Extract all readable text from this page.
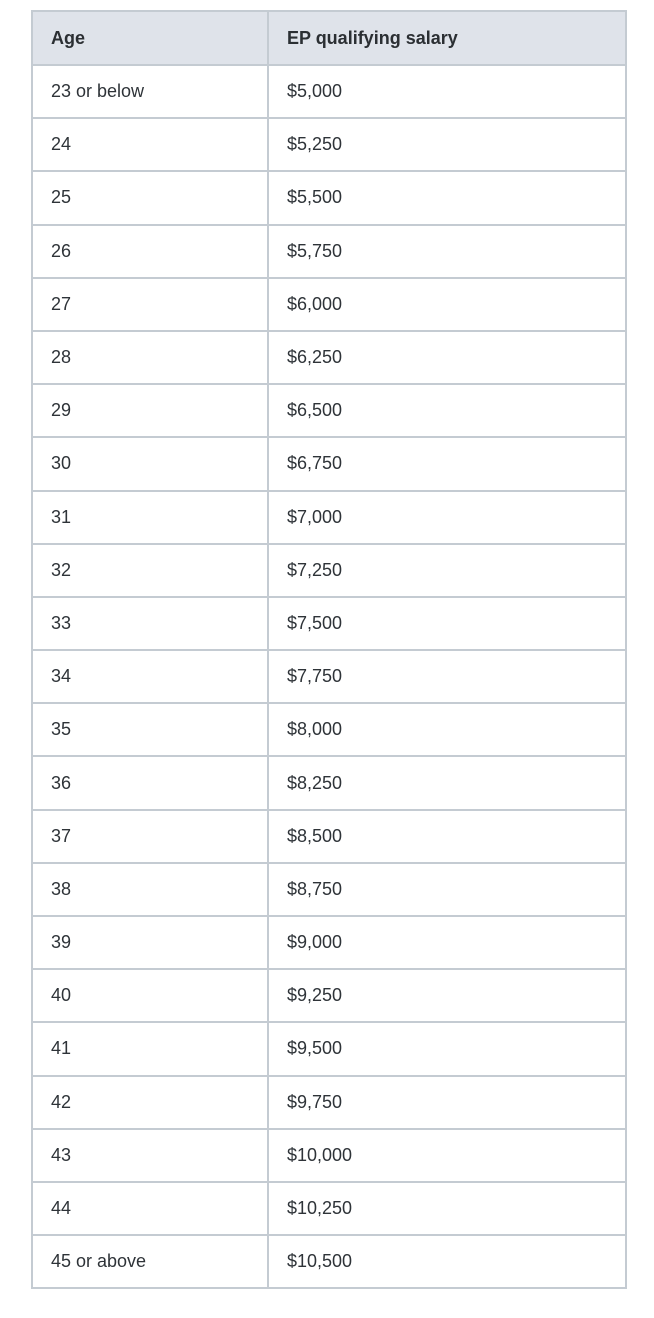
Age	EP qualifying salary
23 or below	$5,000
24	$5,250
25	$5,500
26	$5,750
27	$6,000
28	$6,250
29	$6,500
30	$6,750
31	$7,000
32	$7,250
33	$7,500
34	$7,750
35	$8,000
36	$8,250
37	$8,500
38	$8,750
39	$9,000
40	$9,250
41	$9,500
42	$9,750
43	$10,000
44	$10,250
45 or above	$10,500
